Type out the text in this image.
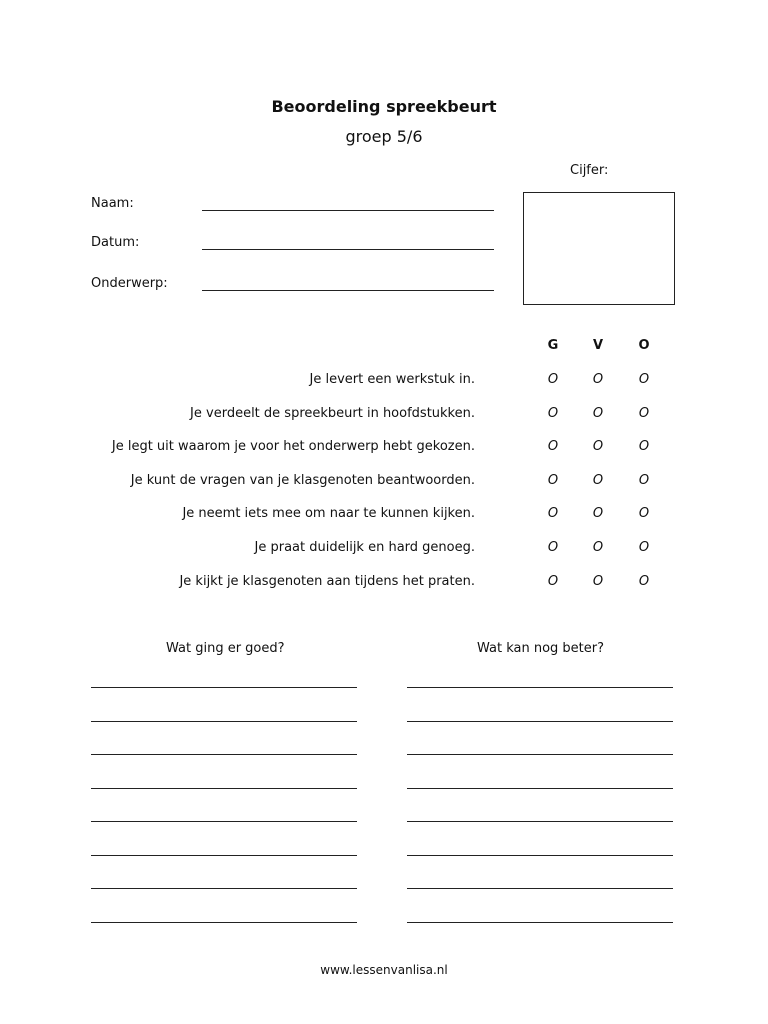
Beoordeling spreekbeurt
groep 5/6
Cijfer:
Naam:
Datum:
Onderwerp:
G	V	O
Je levert een werkstuk in.	O	O	O
Je verdeelt de spreekbeurt in hoofdstukken.	O	O	O
Je legt uit waarom je voor het onderwerp hebt gekozen.	O	O	O
Je kunt de vragen van je klasgenoten beantwoorden.	O	O	O
Je neemt iets mee om naar te kunnen kijken.	O	O	O
Je praat duidelijk en hard genoeg.	O	O	O
Je kijkt je klasgenoten aan tijdens het praten.	O	O	O
Wat ging er goed?	Wat kan nog beter?
www.lessenvanlisa.nl
